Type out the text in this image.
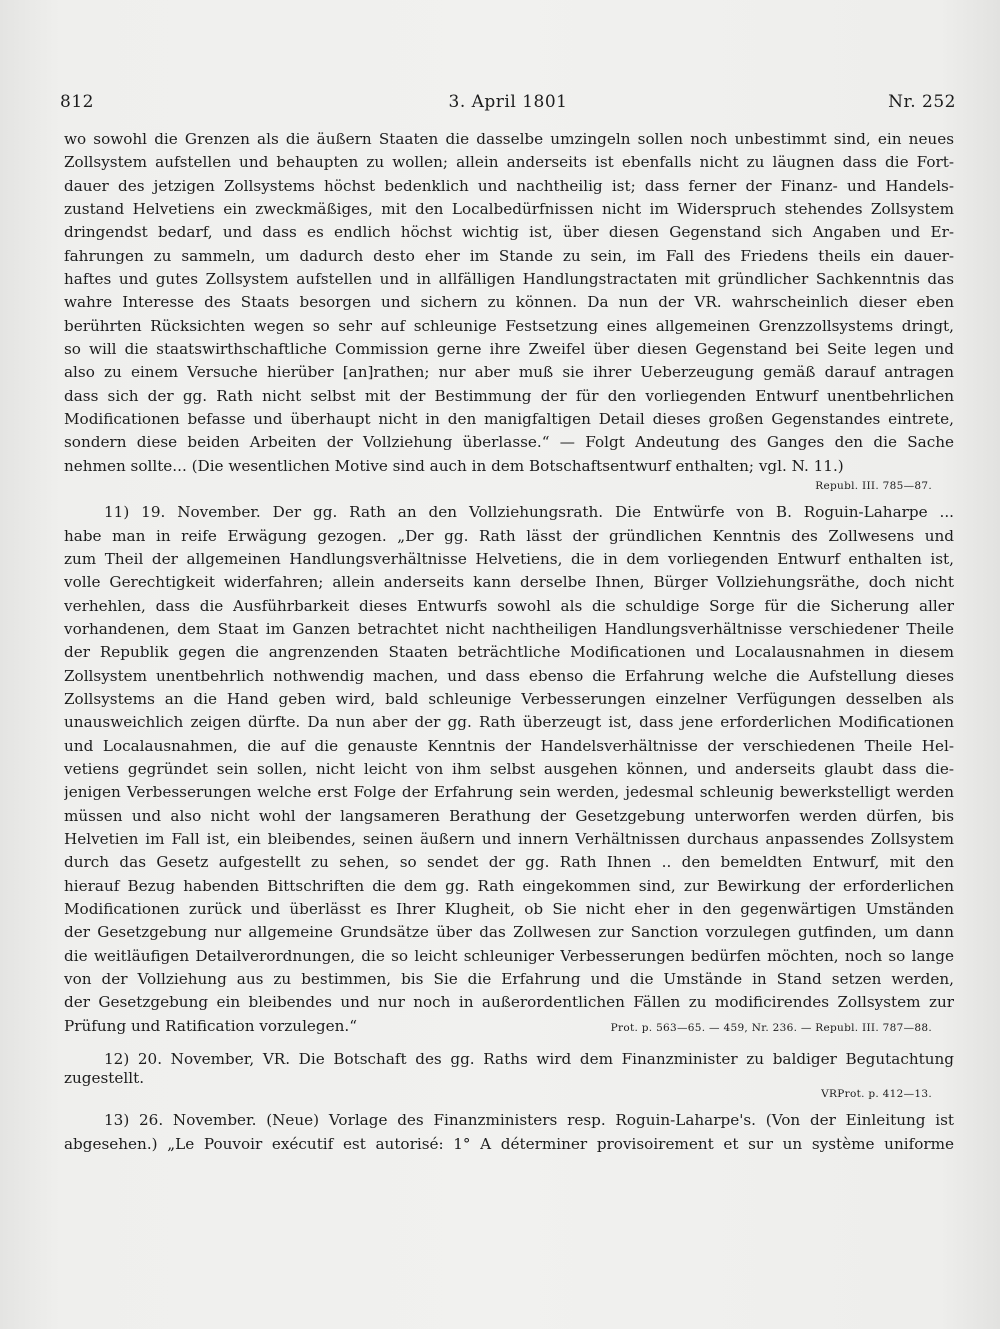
812	3. April 1801	Nr. 252
wo sowohl die Grenzen als die äußern Staaten die dasselbe umzingeln sollen noch unbestimmt sind, ein neues
Zollsystem aufstellen und behaupten zu wollen; allein anderseits ist ebenfalls nicht zu läugnen dass die Fort-
dauer des jetzigen Zollsystems höchst bedenklich und nachtheilig ist; dass ferner der Finanz- und Handels-
zustand Helvetiens ein zweckmäßiges, mit den Localbedürfnissen nicht im Widerspruch stehendes Zollsystem
dringendst bedarf, und dass es endlich höchst wichtig ist, über diesen Gegenstand sich Angaben und Er-
fahrungen zu sammeln, um dadurch desto eher im Stande zu sein, im Fall des Friedens theils ein dauer-
haftes und gutes Zollsystem aufstellen und in allfälligen Handlungstractaten mit gründlicher Sachkenntnis das
wahre Interesse des Staats besorgen und sichern zu können. Da nun der VR. wahrscheinlich dieser eben
berührten Rücksichten wegen so sehr auf schleunige Festsetzung eines allgemeinen Grenzzollsystems dringt,
so will die staatswirthschaftliche Commission gerne ihre Zweifel über diesen Gegenstand bei Seite legen und
also zu einem Versuche hierüber [an]rathen; nur aber muß sie ihrer Ueberzeugung gemäß darauf antragen
dass sich der gg. Rath nicht selbst mit der Bestimmung der für den vorliegenden Entwurf unentbehrlichen
Modificationen befasse und überhaupt nicht in den manigfaltigen Detail dieses großen Gegenstandes eintrete,
sondern diese beiden Arbeiten der Vollziehung überlasse.“ — Folgt Andeutung des Ganges den die Sache
nehmen sollte... (Die wesentlichen Motive sind auch in dem Botschaftsentwurf enthalten; vgl. N. 11.)
Republ. III. 785—87.
11) 19. November. Der gg. Rath an den Vollziehungsrath. Die Entwürfe von B. Roguin-Laharpe ...
habe man in reife Erwägung gezogen. „Der gg. Rath lässt der gründlichen Kenntnis des Zollwesens und
zum Theil der allgemeinen Handlungsverhältnisse Helvetiens, die in dem vorliegenden Entwurf enthalten ist,
volle Gerechtigkeit widerfahren; allein anderseits kann derselbe Ihnen, Bürger Vollziehungsräthe, doch nicht
verhehlen, dass die Ausführbarkeit dieses Entwurfs sowohl als die schuldige Sorge für die Sicherung aller
vorhandenen, dem Staat im Ganzen betrachtet nicht nachtheiligen Handlungsverhältnisse verschiedener Theile
der Republik gegen die angrenzenden Staaten beträchtliche Modificationen und Localausnahmen in diesem
Zollsystem unentbehrlich nothwendig machen, und dass ebenso die Erfahrung welche die Aufstellung dieses
Zollsystems an die Hand geben wird, bald schleunige Verbesserungen einzelner Verfügungen desselben als
unausweichlich zeigen dürfte. Da nun aber der gg. Rath überzeugt ist, dass jene erforderlichen Modificationen
und Localausnahmen, die auf die genauste Kenntnis der Handelsverhältnisse der verschiedenen Theile Hel-
vetiens gegründet sein sollen, nicht leicht von ihm selbst ausgehen können, und anderseits glaubt dass die-
jenigen Verbesserungen welche erst Folge der Erfahrung sein werden, jedesmal schleunig bewerkstelligt werden
müssen und also nicht wohl der langsameren Berathung der Gesetzgebung unterworfen werden dürfen, bis
Helvetien im Fall ist, ein bleibendes, seinen äußern und innern Verhältnissen durchaus anpassendes Zollsystem
durch das Gesetz aufgestellt zu sehen, so sendet der gg. Rath Ihnen .. den bemeldten Entwurf, mit den
hierauf Bezug habenden Bittschriften die dem gg. Rath eingekommen sind, zur Bewirkung der erforderlichen
Modificationen zurück und überlässt es Ihrer Klugheit, ob Sie nicht eher in den gegenwärtigen Umständen
der Gesetzgebung nur allgemeine Grundsätze über das Zollwesen zur Sanction vorzulegen gutfinden, um dann
die weitläufigen Detailverordnungen, die so leicht schleuniger Verbesserungen bedürfen möchten, noch so lange
von der Vollziehung aus zu bestimmen, bis Sie die Erfahrung und die Umstände in Stand setzen werden,
der Gesetzgebung ein bleibendes und nur noch in außerordentlichen Fällen zu modificirendes Zollsystem zur
Prüfung und Ratification vorzulegen.“	Prot. p. 563—65. — 459, Nr. 236. — Republ. III. 787—88.
12) 20. November, VR. Die Botschaft des gg. Raths wird dem Finanzminister zu baldiger Begutachtung
zugestellt.
VRProt. p. 412—13.
13) 26. November. (Neue) Vorlage des Finanzministers resp. Roguin-Laharpe's. (Von der Einleitung ist
abgesehen.) „Le Pouvoir exécutif est autorisé: 1° A déterminer provisoirement et sur un système uniforme
